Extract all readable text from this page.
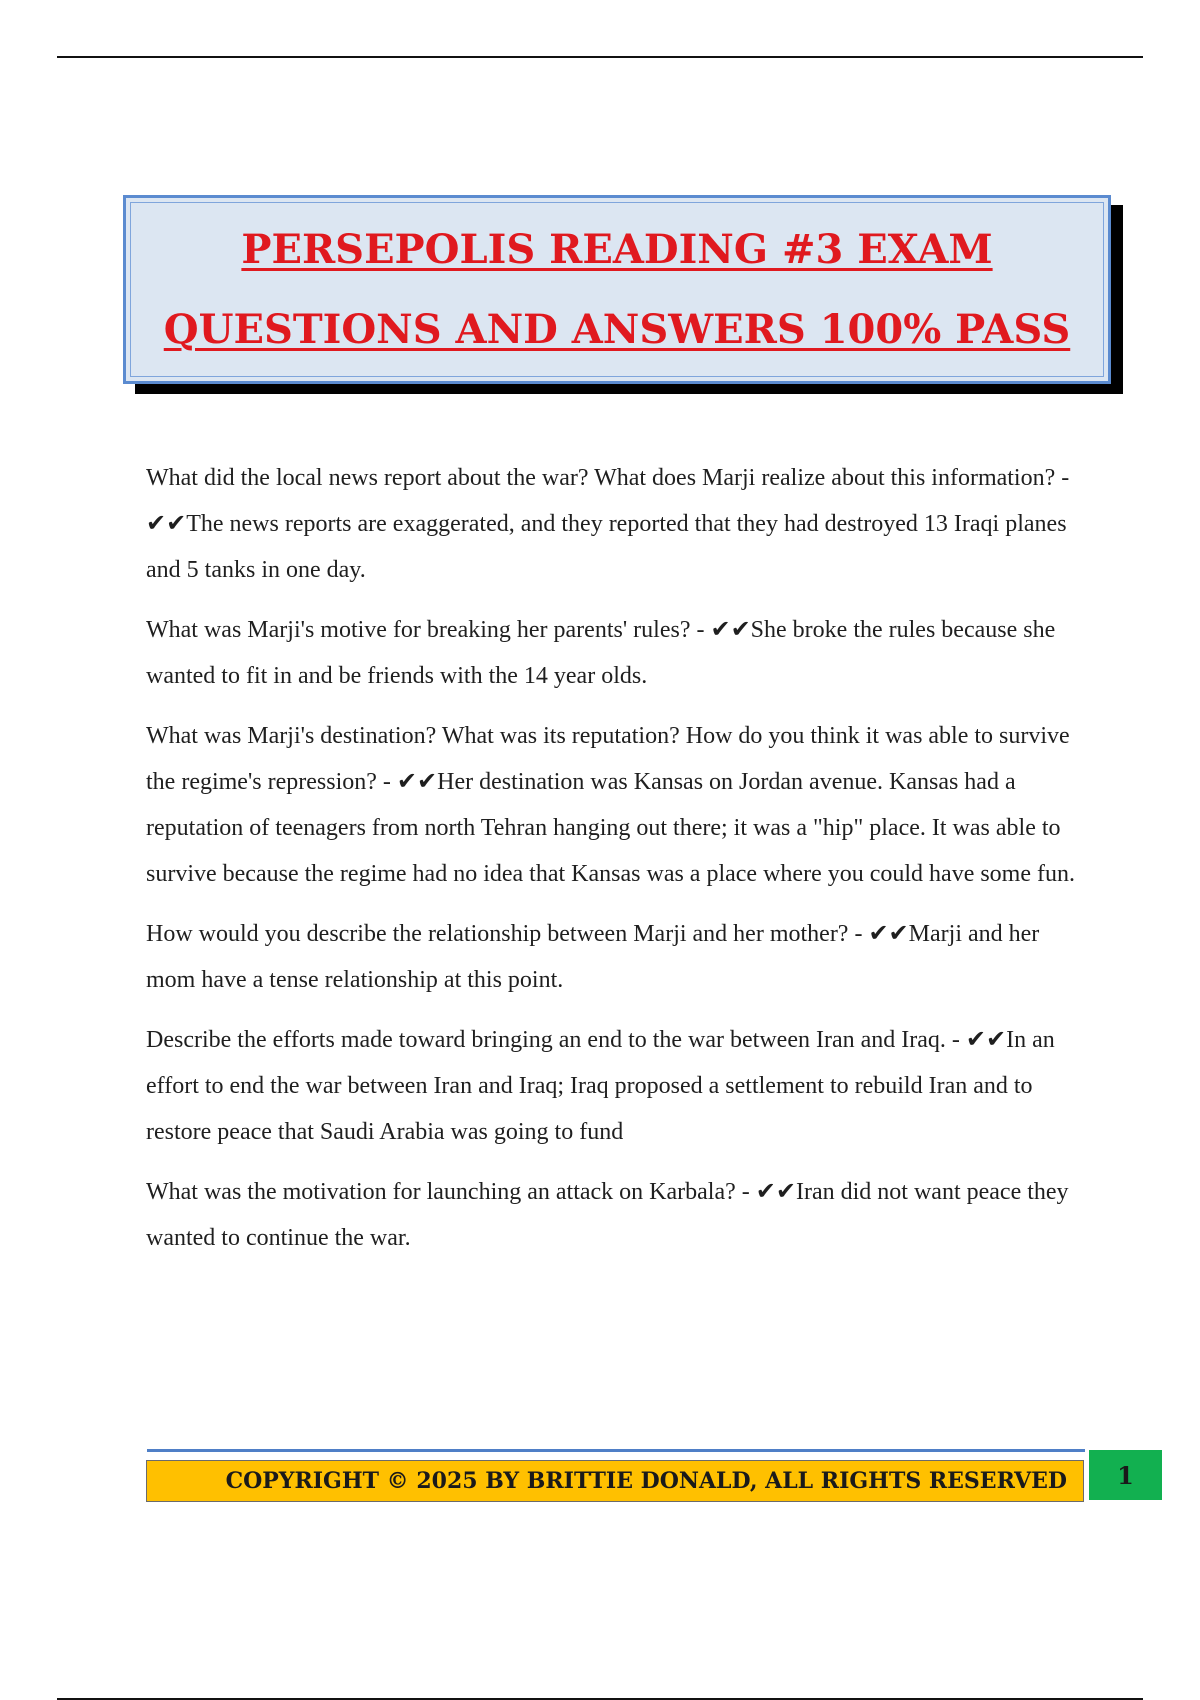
PERSEPOLIS READING #3 EXAM
QUESTIONS AND ANSWERS 100% PASS

What did the local news report about the war? What does Marji realize about this information? - ✔✔The news reports are exaggerated, and they reported that they had destroyed 13 Iraqi planes and 5 tanks in one day.

What was Marji's motive for breaking her parents' rules? - ✔✔She broke the rules because she wanted to fit in and be friends with the 14 year olds.

What was Marji's destination? What was its reputation? How do you think it was able to survive the regime's repression? - ✔✔Her destination was Kansas on Jordan avenue. Kansas had a reputation of teenagers from north Tehran hanging out there; it was a "hip" place. It was able to survive because the regime had no idea that Kansas was a place where you could have some fun.

How would you describe the relationship between Marji and her mother? - ✔✔Marji and her mom have a tense relationship at this point.

Describe the efforts made toward bringing an end to the war between Iran and Iraq. - ✔✔In an effort to end the war between Iran and Iraq; Iraq proposed a settlement to rebuild Iran and to restore peace that Saudi Arabia was going to fund

What was the motivation for launching an attack on Karbala? - ✔✔Iran did not want peace they wanted to continue the war.

COPYRIGHT © 2025 BY BRITTIE DONALD, ALL RIGHTS RESERVED 1
